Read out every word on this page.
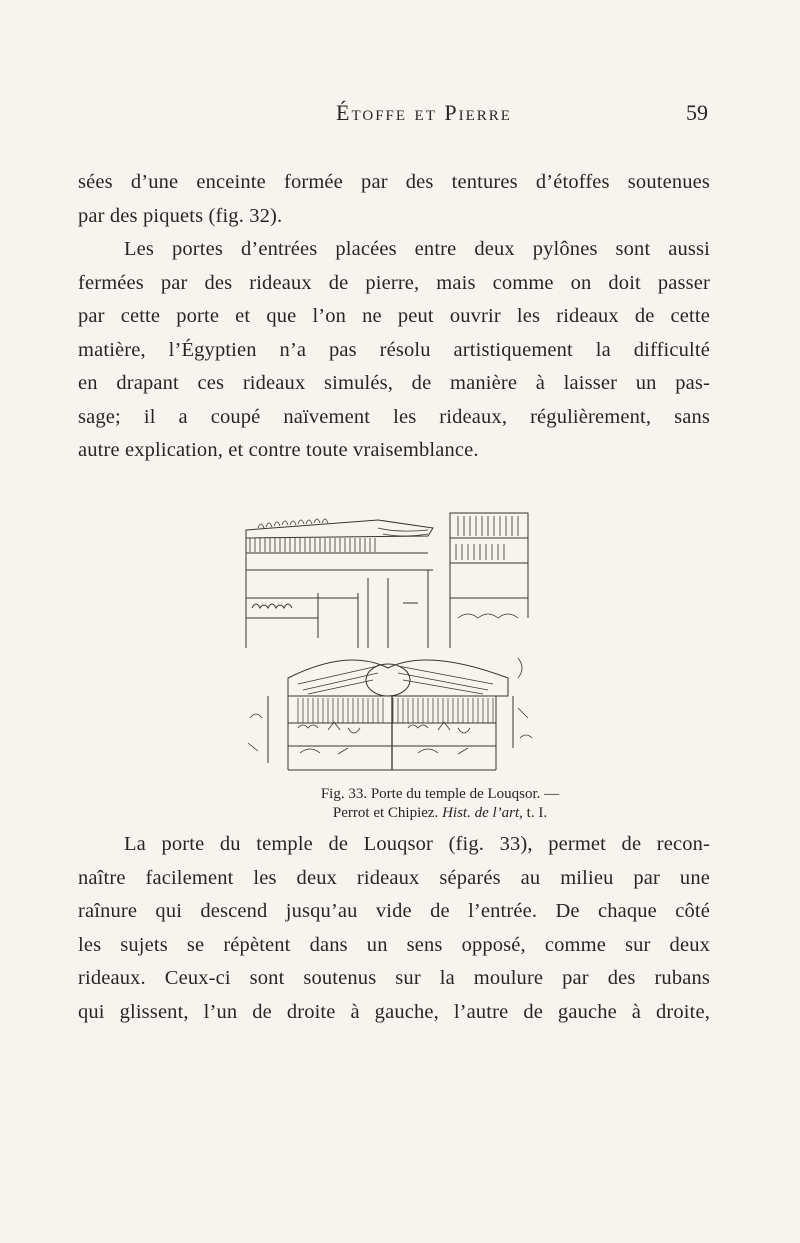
Étoffe et Pierre	59
sées d’une enceinte formée par des tentures d’étoffes soutenues
par des piquets (fig. 32).
Les portes d’entrées placées entre deux pylônes sont aussi
fermées par des rideaux de pierre, mais comme on doit passer
par cette porte et que l’on ne peut ouvrir les rideaux de cette
matière, l’Égyptien n’a pas résolu artistiquement la difficulté
en drapant ces rideaux simulés, de manière à laisser un pas-
sage; il a coupé naïvement les rideaux, régulièrement, sans
autre explication, et contre toute vraisemblance.
Fig. 33. Porte du temple de Louqsor. —
Perrot et Chipiez. Hist. de l’art, t. I.
La porte du temple de Louqsor (fig. 33), permet de recon-
naître facilement les deux rideaux séparés au milieu par une
raînure qui descend jusqu’au vide de l’entrée. De chaque côté
les sujets se répètent dans un sens opposé, comme sur deux
rideaux. Ceux-ci sont soutenus sur la moulure par des rubans
qui glissent, l’un de droite à gauche, l’autre de gauche à droite,
